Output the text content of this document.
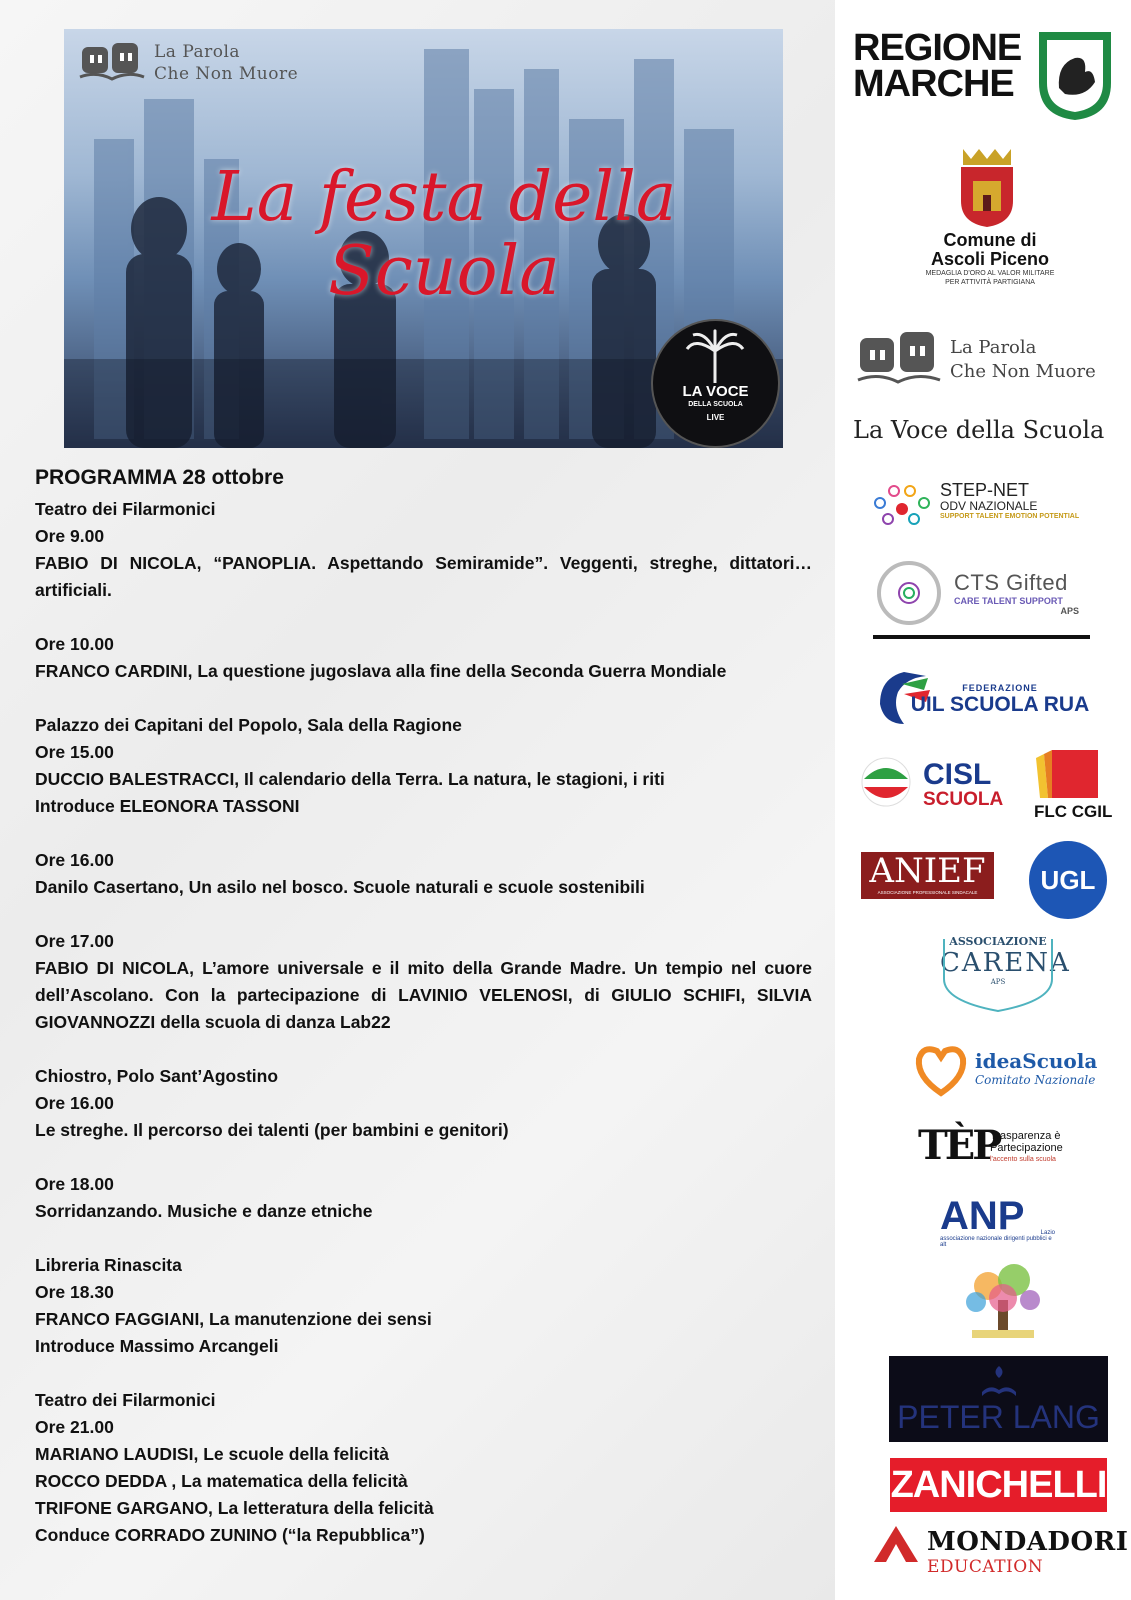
La Parola
Che Non Muore
La festa della
Scuola
LA VOCE
DELLA SCUOLA
LIVE
PROGRAMMA 28 ottobre

Teatro dei Filarmonici

Ore 9.00

FABIO DI NICOLA, “PANOPLIA. Aspettando Semiramide”. Veggenti, streghe, dittatori… artificiali.

Ore 10.00

FRANCO CARDINI, La questione jugoslava alla fine della Seconda Guerra Mondiale

Palazzo dei Capitani del Popolo, Sala della Ragione

Ore 15.00

DUCCIO BALESTRACCI, Il calendario della Terra. La natura, le stagioni, i riti

Introduce ELEONORA TASSONI

Ore 16.00

Danilo Casertano, Un asilo nel bosco. Scuole naturali e scuole sostenibili

Ore 17.00

FABIO DI NICOLA, L’amore universale e il mito della Grande Madre. Un tempio nel cuore dell’Ascolano. Con la partecipazione di LAVINIO VELENOSI, di GIULIO SCHIFI, SILVIA GIOVANNOZZI della scuola di danza Lab22

Chiostro, Polo Sant’Agostino

Ore 16.00

Le streghe. Il percorso dei talenti (per bambini e genitori)

Ore 18.00

Sorridanzando. Musiche e danze etniche

Libreria Rinascita

Ore 18.30

FRANCO FAGGIANI, La manutenzione dei sensi

Introduce Massimo Arcangeli

Teatro dei Filarmonici

Ore 21.00

MARIANO LAUDISI, Le scuole della felicità

ROCCO DEDDA , La matematica della felicità

TRIFONE GARGANO, La letteratura della felicità

Conduce CORRADO ZUNINO (“la Repubblica”)

REGIONE
MARCHE
Comune di
Ascoli Piceno
MEDAGLIA D'ORO AL VALOR MILITARE
PER ATTIVITÀ PARTIGIANA
La Parola
Che Non Muore
La Voce della Scuola
STEP-NET
ODV NAZIONALE
SUPPORT TALENT EMOTION POTENTIAL
CTS Gifted
CARE TALENT SUPPORT
APS
FEDERAZIONE
UIL SCUOLA RUA
CISL
SCUOLA
FLC CGIL
ANIEF
ASSOCIAZIONE PROFESSIONALE SINDACALE	UGL
ASSOCIAZIONE
CARENA
APS
ideaScuola
Comitato Nazionale
TÈP
Trasparenza è
Partecipazione
l'accento sulla scuola
ANP
associazione nazionale dirigenti pubblici e alt
Lazio
PETER LANG
ZANICHELLI
MONDADORI
EDUCATION
